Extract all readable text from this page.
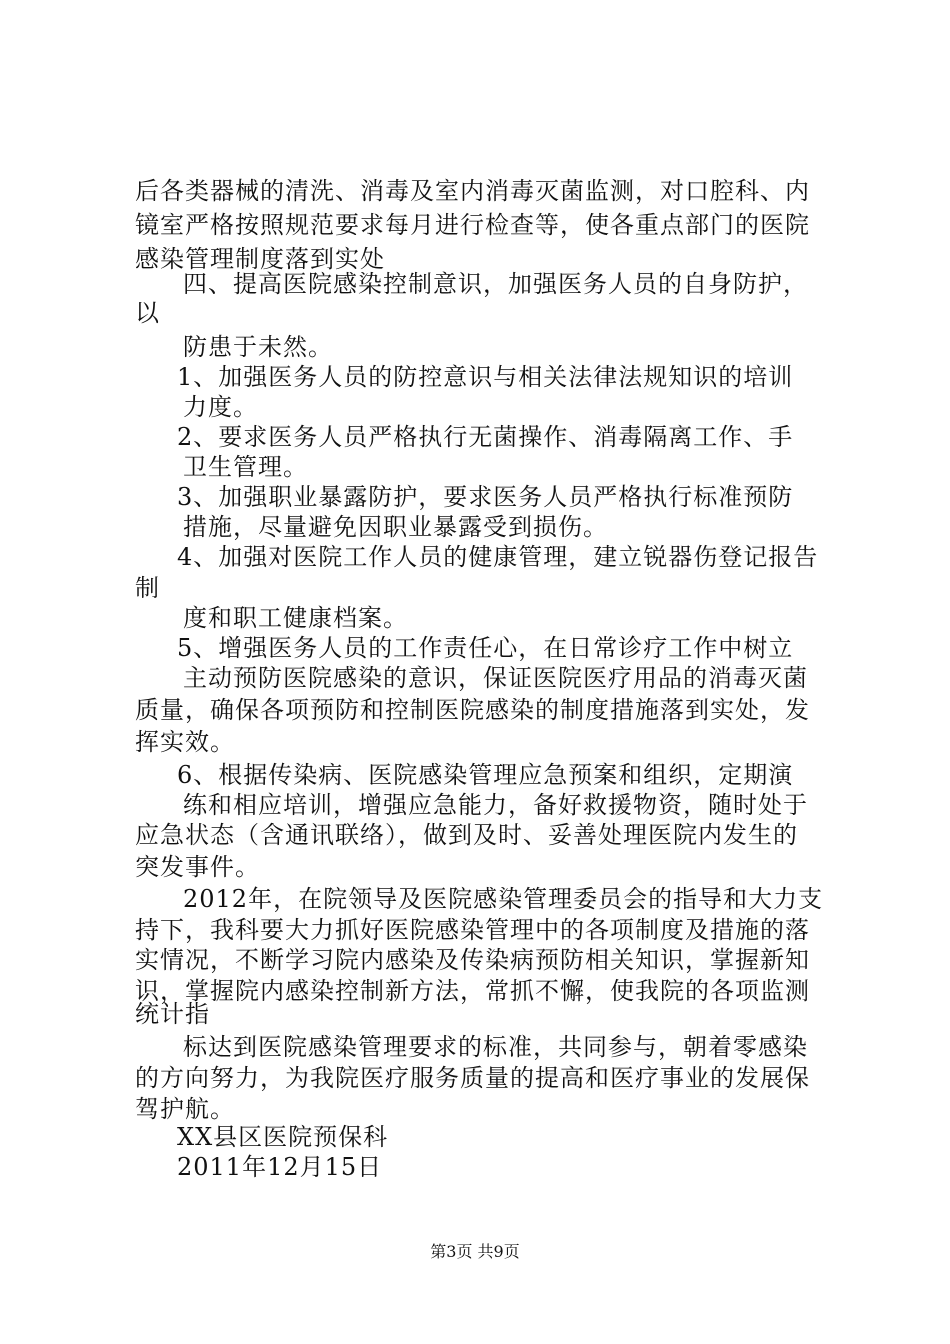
后各类器械的清洗、消毒及室内消毒灭菌监测，对口腔科、内
镜室严格按照规范要求每月进行检查等，使各重点部门的医院
感染管理制度落到实处
四、提高医院感染控制意识，加强医务人员的自身防护，
以
防患于未然。
1、加强医务人员的防控意识与相关法律法规知识的培训
力度。
2、要求医务人员严格执行无菌操作、消毒隔离工作、手
卫生管理。
3、加强职业暴露防护，要求医务人员严格执行标准预防
措施，尽量避免因职业暴露受到损伤。
4、加强对医院工作人员的健康管理，建立锐器伤登记报告
制
度和职工健康档案。
5、增强医务人员的工作责任心，在日常诊疗工作中树立
主动预防医院感染的意识，保证医院医疗用品的消毒灭菌
质量，确保各项预防和控制医院感染的制度措施落到实处，发
挥实效。
6、根据传染病、医院感染管理应急预案和组织，定期演
练和相应培训，增强应急能力，备好救援物资，随时处于
应急状态（含通讯联络），做到及时、妥善处理医院内发生的
突发事件。
2012年，在院领导及医院感染管理委员会的指导和大力支
持下，我科要大力抓好医院感染管理中的各项制度及措施的落
实情况，不断学习院内感染及传染病预防相关知识，掌握新知
识，掌握院内感染控制新方法，常抓不懈，使我院的各项监测
统计指
标达到医院感染管理要求的标准，共同参与，朝着零感染
的方向努力，为我院医疗服务质量的提高和医疗事业的发展保
驾护航。
XX县区医院预保科
2011年12月15日
第3页 共9页
